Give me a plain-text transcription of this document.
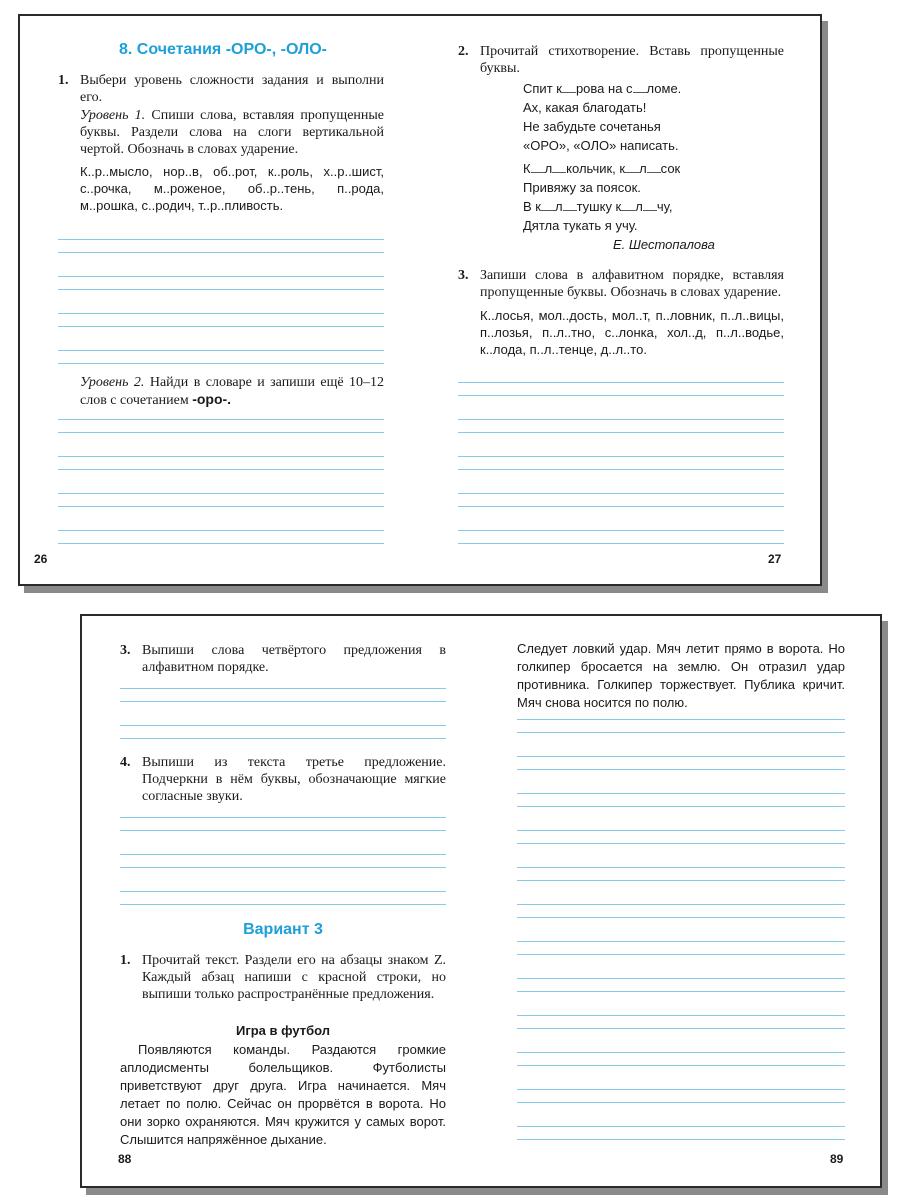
8. Сочетания -ОРО-, -ОЛО-
1. Выбери уровень сложности задания и выполни его.
Уровень 1. Спиши слова, вставляя пропущенные буквы. Раздели слова на слоги вертикальной чертой. Обозначь в словах ударение.
К..р..мысло, нор..в, об..рот, к..роль, х..р..шист, с..рочка, м..роженое, об..р..тень, п..рода, м..рошка, с..родич, т..р..пливость.
Уровень 2. Найди в словаре и запиши ещё 10–12 слов с сочетанием -оро-.
26
2. Прочитай стихотворение. Вставь пропущенные буквы.
Спит к рова на с ломе.
Ах, какая благодать!
Не забудьте сочетанья
«ОРО», «ОЛО» написать.
К л кольчик, к л сок
Привяжу за поясок.
В к л тушку к л чу,
Дятла тукать я учу.
Е. Шестопалова
3. Запиши слова в алфавитном порядке, вставляя пропущенные буквы. Обозначь в словах ударение.
К..лосья, мол..дость, мол..т, п..ловник, п..л..вицы, п..лозья, п..л..тно, с..лонка, хол..д, п..л..водье, к..лода, п..л..тенце, д..л..то.
27
3. Выпиши слова четвёртого предложения в алфавитном порядке.
4. Выпиши из текста третье предложение. Подчеркни в нём буквы, обозначающие мягкие согласные звуки.
Вариант 3
1. Прочитай текст. Раздели его на абзацы знаком Z. Каждый абзац напиши с красной строки, но выпиши только распространённые предложения.
Игра в футбол
Появляются команды. Раздаются громкие аплодисменты болельщиков. Футболисты приветствуют друг друга. Игра начинается. Мяч летает по полю. Сейчас он прорвётся в ворота. Но они зорко охраняются. Мяч кружится у самых ворот. Слышится напряжённое дыхание.
88
Следует ловкий удар. Мяч летит прямо в ворота. Но голкипер бросается на землю. Он отразил удар противника. Голкипер торжествует. Публика кричит. Мяч снова носится по полю.
89
